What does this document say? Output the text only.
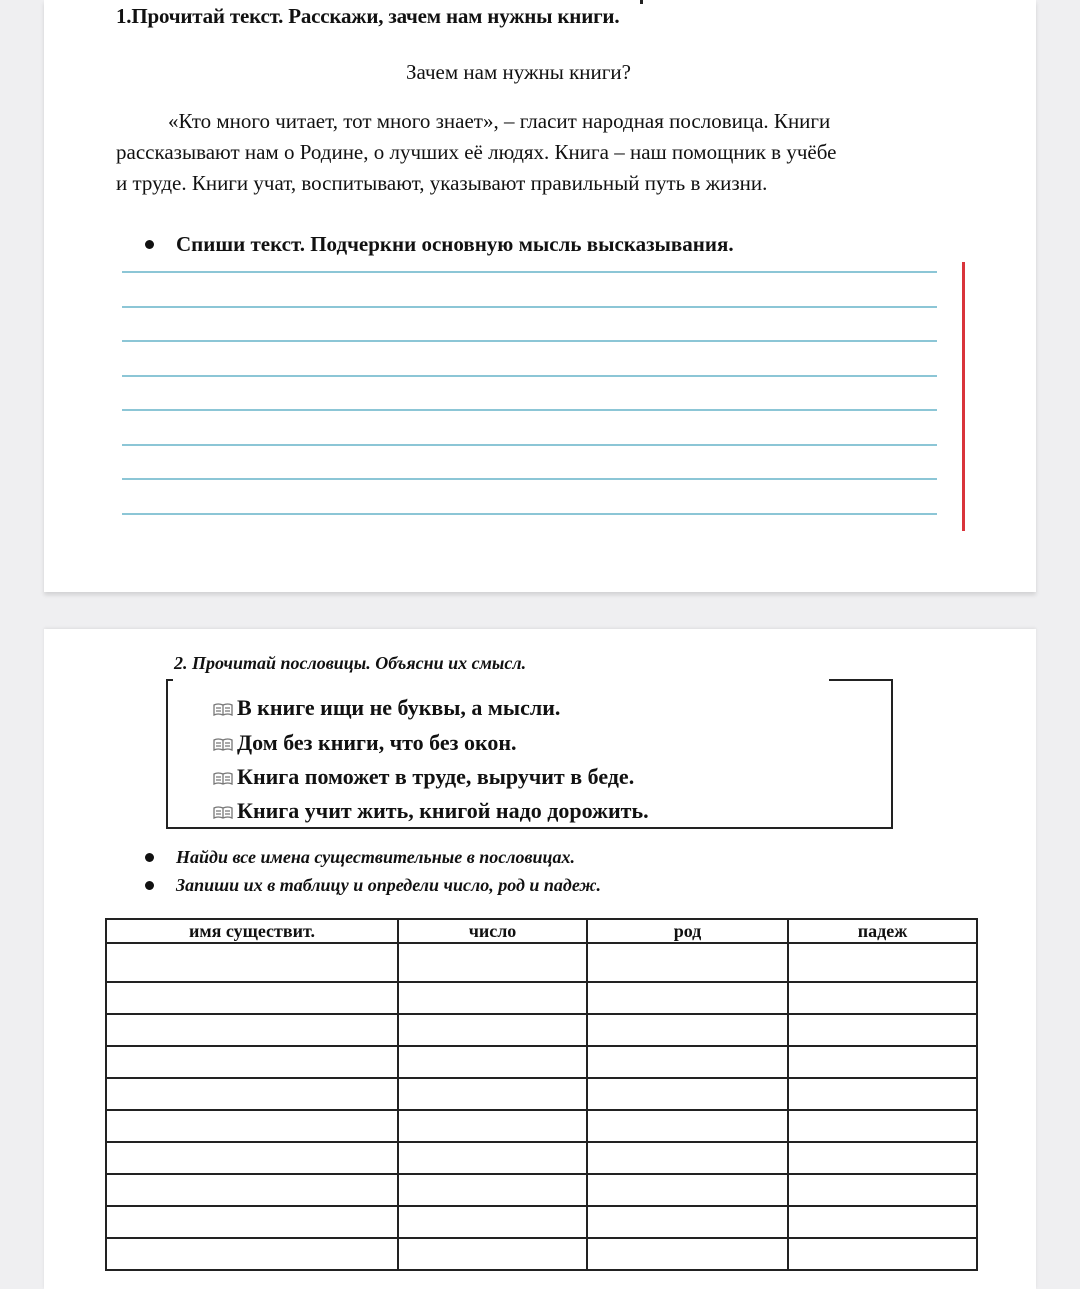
1.Прочитай текст. Расскажи, зачем нам нужны книги.
Зачем нам нужны книги?
«Кто много читает, тот много знает», – гласит народная пословица. Книги
рассказывают нам о Родине, о лучших её людях. Книга – наш помощник в учёбе
и труде. Книги учат, воспитывают, указывают правильный путь в жизни.
Спиши текст. Подчеркни основную мысль высказывания.
2. Прочитай пословицы. Объясни их смысл.
В книге ищи не буквы, а мысли.
Дом без книги, что без окон.
Книга поможет в труде, выручит в беде.
Книга учит жить, книгой надо дорожить.
Найди все имена существительные в пословицах.
Запиши их в таблицу и определи число, род и падеж.
имя существит.	число	род	падеж
